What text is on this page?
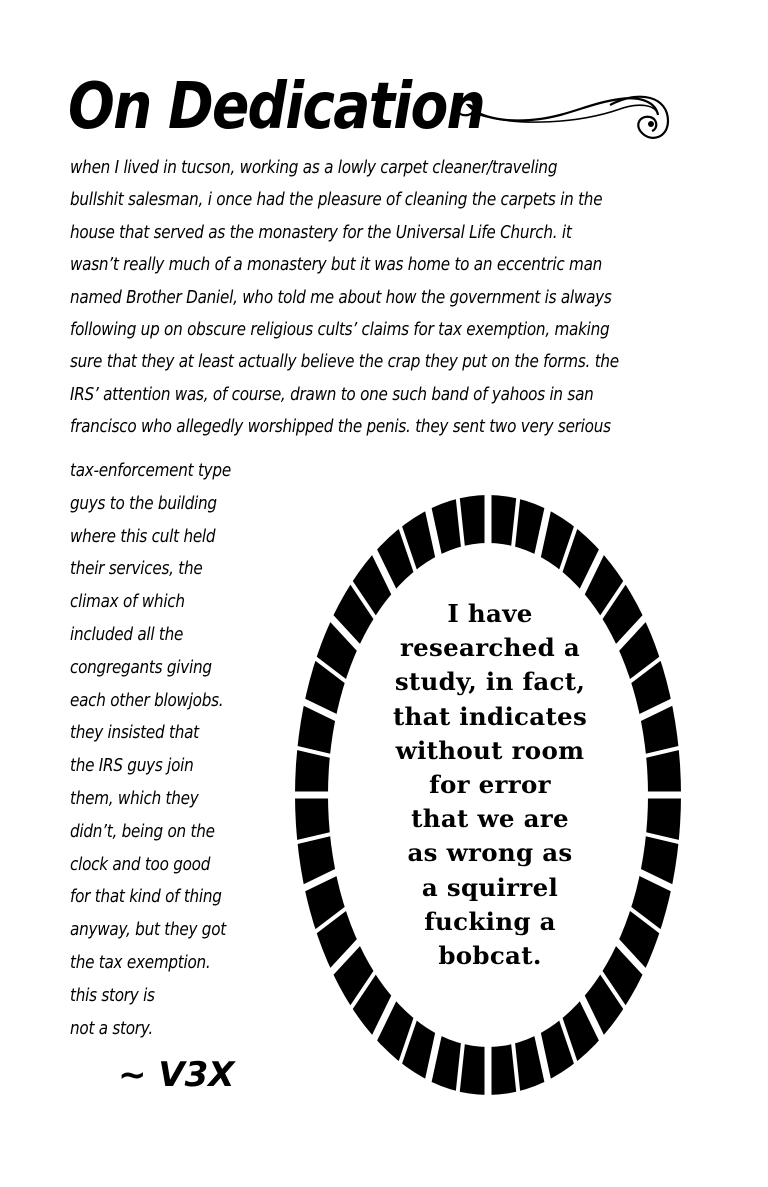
On Dedication
when I lived in tucson, working as a lowly carpet cleaner/traveling
bullshit salesman, i once had the pleasure of cleaning the carpets in the
house that served as the monastery for the Universal Life Church. it
wasn’t really much of a monastery but it was home to an eccentric man
named Brother Daniel, who told me about how the government is always
following up on obscure religious cults’ claims for tax exemption, making
sure that they at least actually believe the crap they put on the forms. the
IRS’ attention was, of course, drawn to one such band of yahoos in san
francisco who allegedly worshipped the penis. they sent two very serious
tax-enforcement type
guys to the building
where this cult held
their services, the
climax of which
included all the
congregants giving
each other blowjobs.
they insisted that
the IRS guys join
them, which they
didn’t, being on the
clock and too good
for that kind of thing
anyway, but they got
the tax exemption.
this story is
not a story.
~ V3X
I have
researched a
study, in fact,
that indicates
without room
for error
that we are
as wrong as
a squirrel
fucking a
bobcat.
